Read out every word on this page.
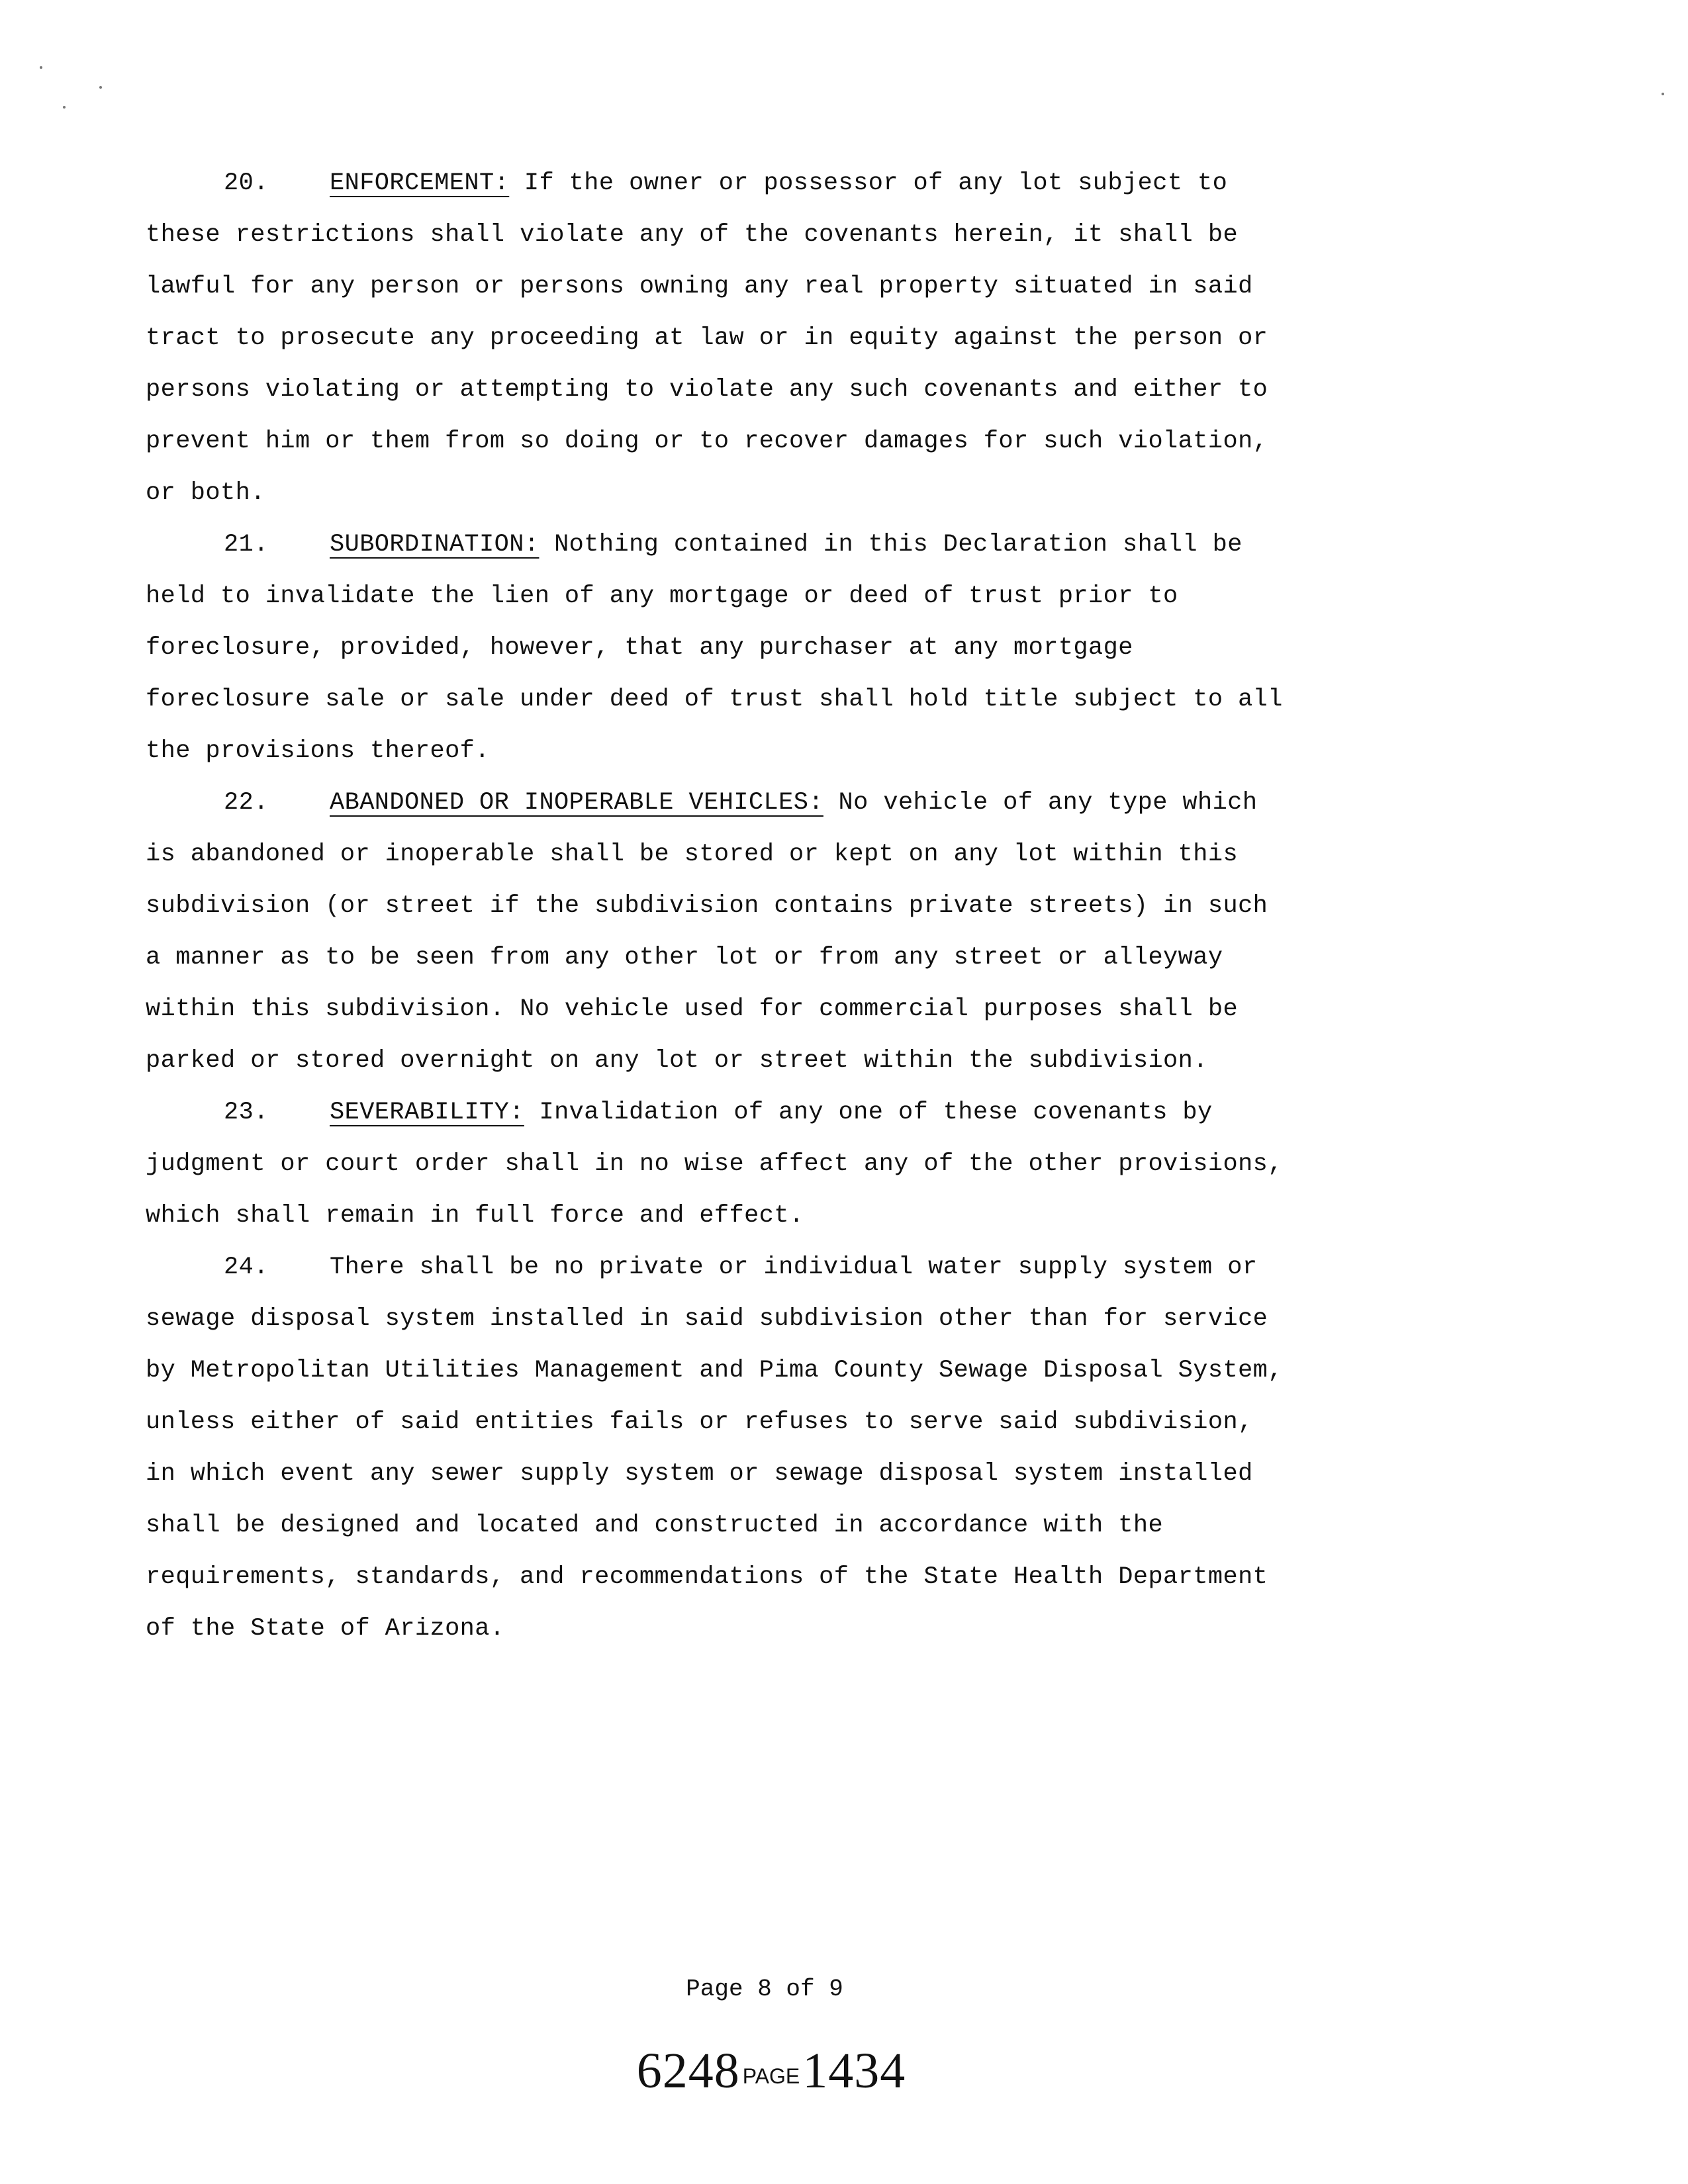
20. ENFORCEMENT: If the owner or possessor of any lot subject to these restrictions shall violate any of the covenants herein, it shall be lawful for any person or persons owning any real property situated in said tract to prosecute any proceeding at law or in equity against the person or persons violating or attempting to violate any such covenants and either to prevent him or them from so doing or to recover damages for such violation, or both.

21. SUBORDINATION: Nothing contained in this Declaration shall be held to invalidate the lien of any mortgage or deed of trust prior to foreclosure, provided, however, that any purchaser at any mortgage foreclosure sale or sale under deed of trust shall hold title subject to all the provisions thereof.

22. ABANDONED OR INOPERABLE VEHICLES: No vehicle of any type which is abandoned or inoperable shall be stored or kept on any lot within this subdivision (or street if the subdivision contains private streets) in such a manner as to be seen from any other lot or from any street or alleyway within this subdivision. No vehicle used for commercial purposes shall be parked or stored overnight on any lot or street within the subdivision.

23. SEVERABILITY: Invalidation of any one of these covenants by judgment or court order shall in no wise affect any of the other provisions, which shall remain in full force and effect.

24. There shall be no private or individual water supply system or sewage disposal system installed in said subdivision other than for service by Metropolitan Utilities Management and Pima County Sewage Disposal System, unless either of said entities fails or refuses to serve said subdivision, in which event any sewer supply system or sewage disposal system installed shall be designed and located and constructed in accordance with the requirements, standards, and recommendations of the State Health Department of the State of Arizona.

Page 8 of 9
6248 PAGE1434
